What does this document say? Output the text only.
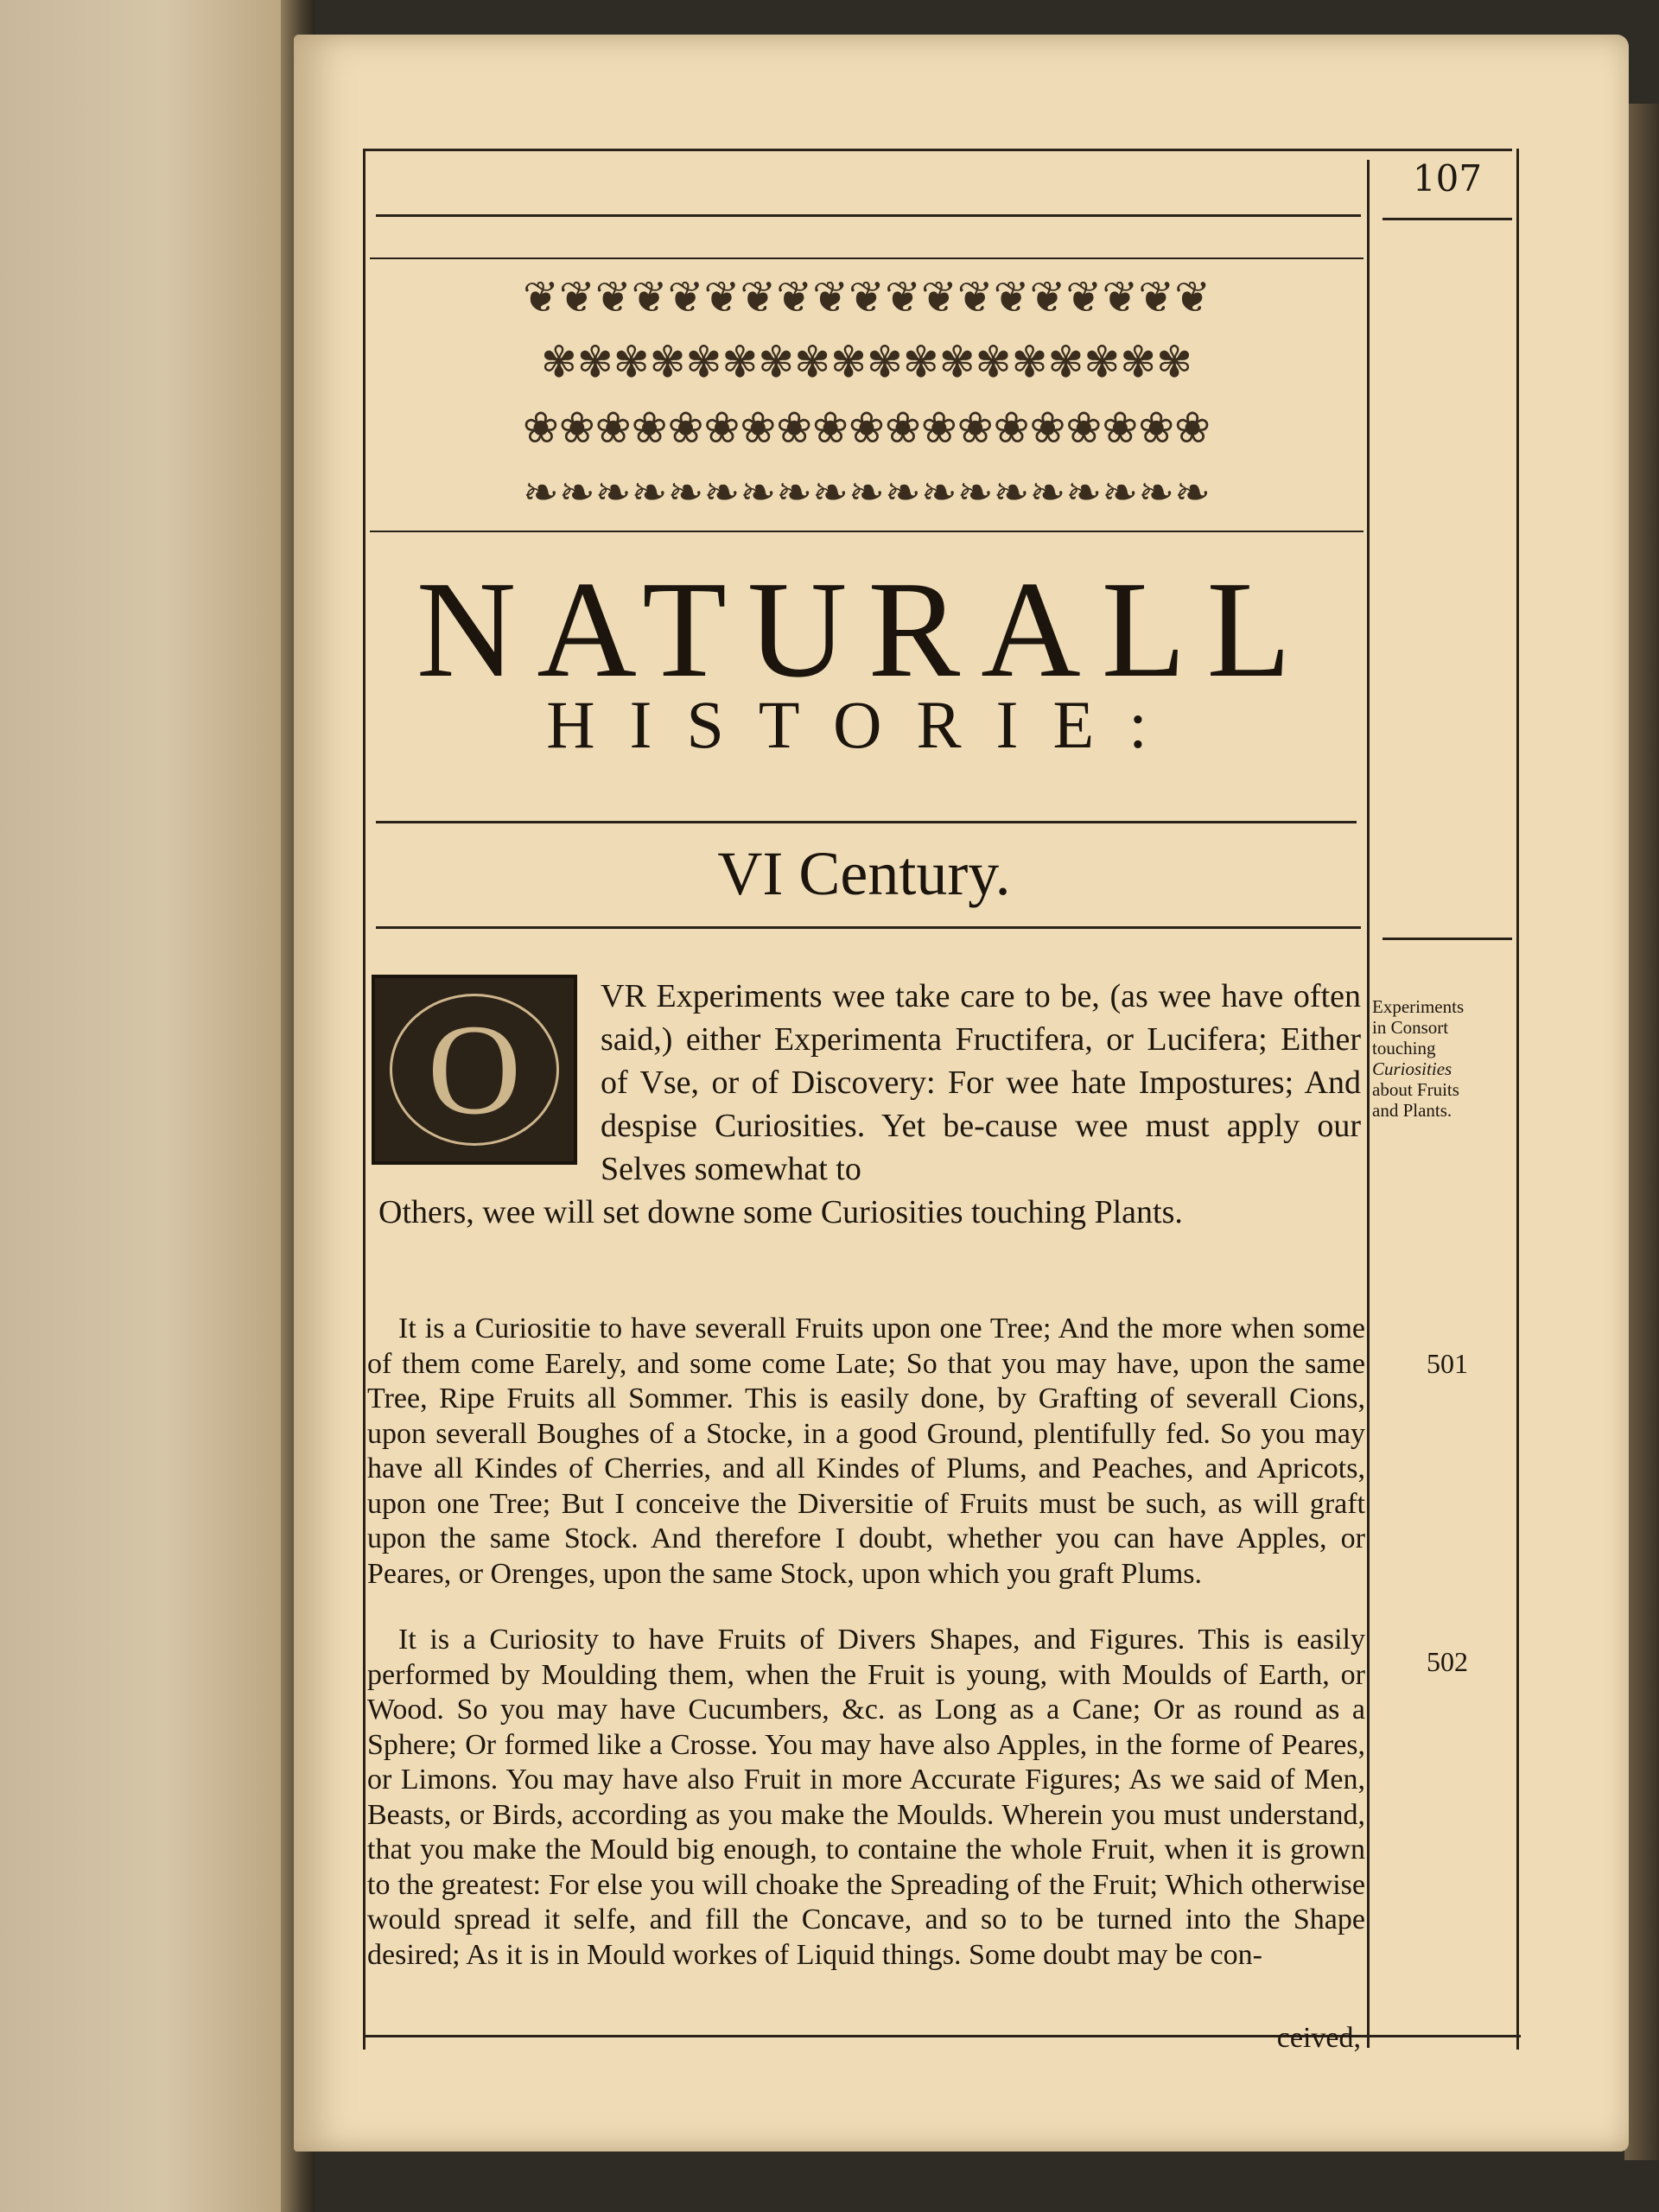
107
❦❦❦❦❦❦❦❦❦❦❦❦❦❦❦❦❦❦❦
✾✾✾✾✾✾✾✾✾✾✾✾✾✾✾✾✾✾
❀❀❀❀❀❀❀❀❀❀❀❀❀❀❀❀❀❀❀
❧❧❧❧❧❧❧❧❧❧❧❧❧❧❧❧❧❧❧
NATURALL
HISTORIE:
VI Century.
O
VR Experiments wee take care to be, (as wee have often said,) either Experimenta Fructifera, or Lucifera; Either of Vse, or of Discovery: For wee hate Impostures; And despise Curiosities. Yet be-cause wee must apply our Selves somewhat to
Others, wee will set downe some Curiosities touching Plants.
Experiments
in Consort
touching
Curiosities
about Fruits
and Plants.
It is a Curiositie to have severall Fruits upon one Tree; And the more when some of them come Earely, and some come Late; So that you may have, upon the same Tree, Ripe Fruits all Sommer. This is easily done, by Grafting of severall Cions, upon severall Boughes of a Stocke, in a good Ground, plentifully fed. So you may have all Kindes of Cherries, and all Kindes of Plums, and Peaches, and Apricots, upon one Tree; But I conceive the Diversitie of Fruits must be such, as will graft upon the same Stock. And therefore I doubt, whether you can have Apples, or Peares, or Orenges, upon the same Stock, upon which you graft Plums.
501
It is a Curiosity to have Fruits of Divers Shapes, and Figures. This is easily performed by Moulding them, when the Fruit is young, with Moulds of Earth, or Wood. So you may have Cucumbers, &c. as Long as a Cane; Or as round as a Sphere; Or formed like a Crosse. You may have also Apples, in the forme of Peares, or Limons. You may have also Fruit in more Accurate Figures; As we said of Men, Beasts, or Birds, according as you make the Moulds. Wherein you must understand, that you make the Mould big enough, to containe the whole Fruit, when it is grown to the greatest: For else you will choake the Spreading of the Fruit; Which otherwise would spread it selfe, and fill the Concave, and so to be turned into the Shape desired; As it is in Mould workes of Liquid things. Some doubt may be con-
502
ceived,
